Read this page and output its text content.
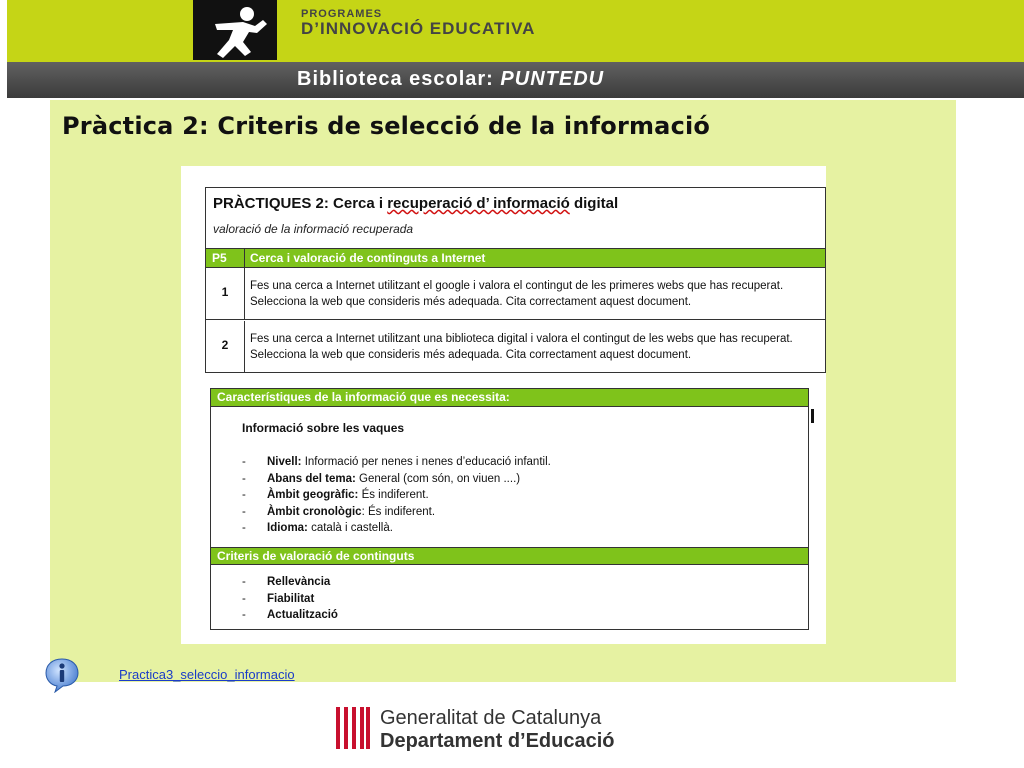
PROGRAMES
D’INNOVACIÓ EDUCATIVA
Biblioteca escolar: PUNTEDU
Pràctica 2: Criteris de selecció de la informació
PRÀCTIQUES 2: Cerca i recuperació d’ informació digital
valoració de la informació recuperada
P5 Cerca i valoració de continguts a Internet
1	Fes una cerca a Internet utilitzant el google i valora el contingut de les primeres webs que has recuperat. Selecciona la web que consideris més adequada. Cita correctament aquest document.
2	Fes una cerca a Internet utilitzant una biblioteca digital i valora el contingut de les webs que has recuperat. Selecciona la web que consideris més adequada. Cita correctament aquest document.
Característiques de la informació que es necessita:
Informació sobre les vaques
- Nivell: Informació per nenes i nenes d’educació infantil.
- Abans del tema: General (com són, on viuen ....)
- Àmbit geogràfic: És indiferent.
- Àmbit cronològic: És indiferent.
- Idioma: català i castellà.
Criteris de valoració de continguts
- Rellevància
- Fiabilitat
- Actualització
Practica3_seleccio_informacio
Generalitat de Catalunya
Departament d’Educació
